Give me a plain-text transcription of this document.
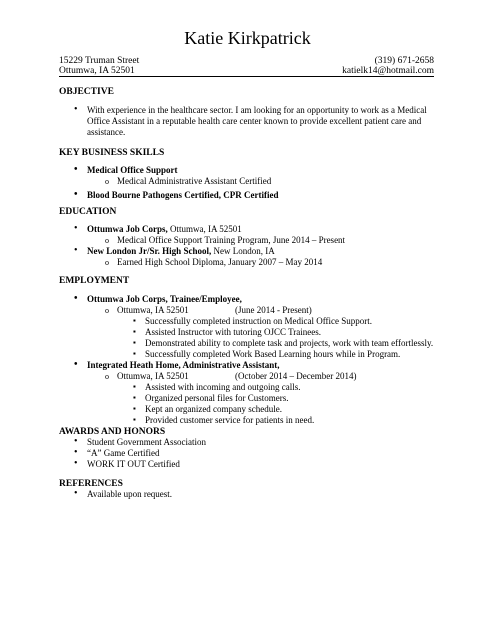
Katie Kirkpatrick
15229 Truman Street	(319) 671-2658
Ottumwa, IA 52501	katielk14@hotmail.com
OBJECTIVE
• With experience in the healthcare sector. I am looking for an opportunity to work as a Medical Office Assistant in a reputable health care center known to provide excellent patient care and assistance.
KEY BUSINESS SKILLS
• Medical Office Support
o Medical Administrative Assistant Certified
• Blood Bourne Pathogens Certified, CPR Certified
EDUCATION
• Ottumwa Job Corps, Ottumwa, IA 52501
o Medical Office Support Training Program, June 2014 – Present
• New London Jr/Sr. High School, New London, IA
o Earned High School Diploma, January 2007 – May 2014
EMPLOYMENT
• Ottumwa Job Corps, Trainee/Employee,
o Ottumwa, IA 52501	(June 2014 - Present)
▪ Successfully completed instruction on Medical Office Support.
▪ Assisted Instructor with tutoring OJCC Trainees.
▪ Demonstrated ability to complete task and projects, work with team effortlessly.
▪ Successfully completed Work Based Learning hours while in Program.
• Integrated Heath Home, Administrative Assistant,
o Ottumwa, IA 52501	(October 2014 – December 2014)
▪ Assisted with incoming and outgoing calls.
▪ Organized personal files for Customers.
▪ Kept an organized company schedule.
▪ Provided customer service for patients in need.
AWARDS AND HONORS
• Student Government Association
• “A” Game Certified
• WORK IT OUT Certified
REFERENCES
• Available upon request.
